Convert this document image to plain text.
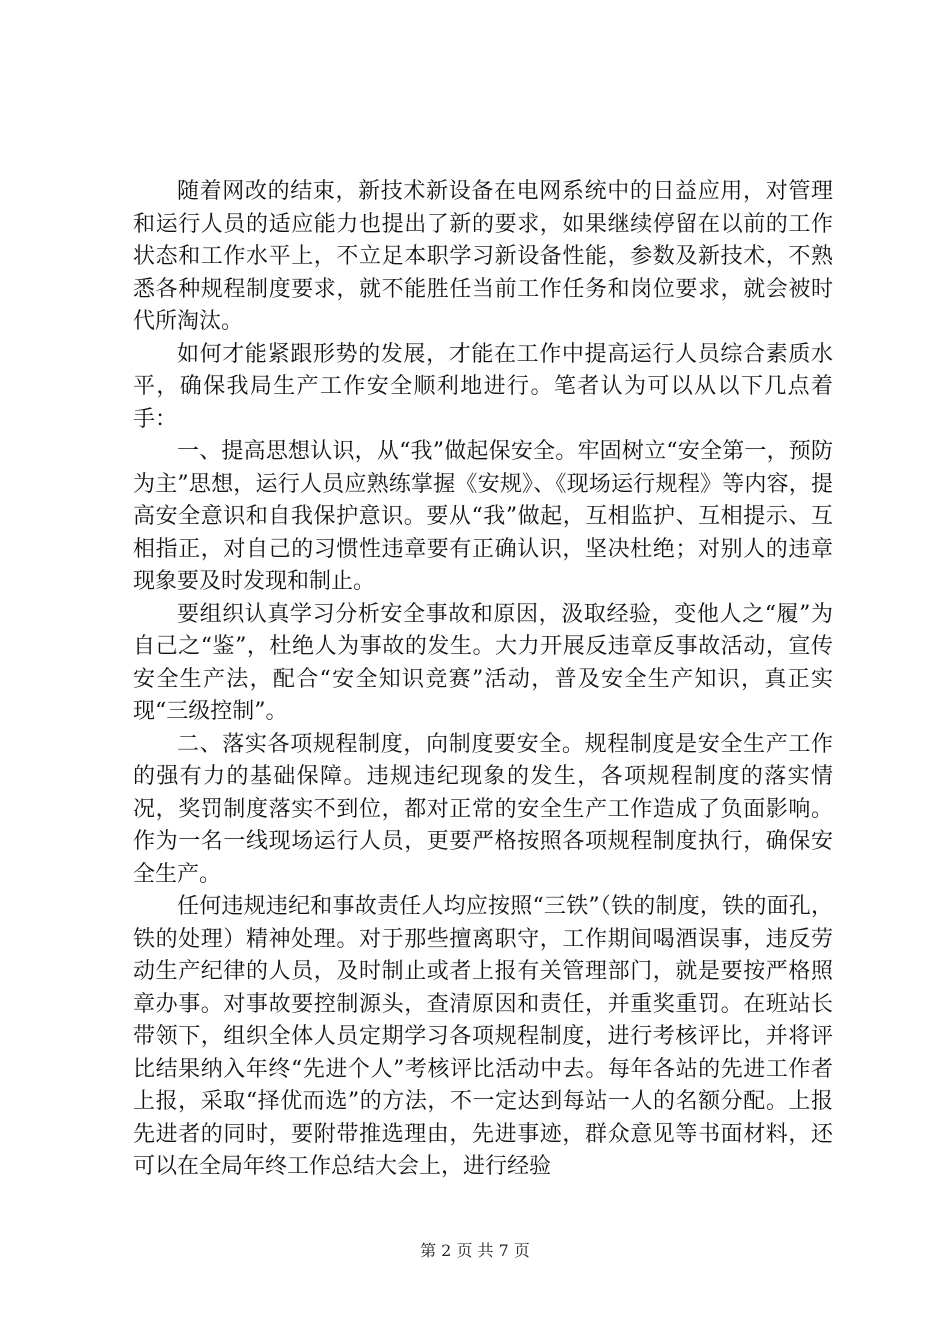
随着网改的结束，新技术新设备在电网系统中的日益应用，对管理和运行人员的适应能力也提出了新的要求，如果继续停留在以前的工作状态和工作水平上，不立足本职学习新设备性能，参数及新技术，不熟悉各种规程制度要求，就不能胜任当前工作任务和岗位要求，就会被时代所淘汰。

如何才能紧跟形势的发展，才能在工作中提高运行人员综合素质水平，确保我局生产工作安全顺利地进行。笔者认为可以从以下几点着手：

一、提高思想认识，从“我”做起保安全。牢固树立“安全第一，预防为主”思想，运行人员应熟练掌握《安规》、《现场运行规程》等内容，提高安全意识和自我保护意识。要从“我”做起，互相监护、互相提示、互相指正，对自己的习惯性违章要有正确认识，坚决杜绝；对别人的违章现象要及时发现和制止。

要组织认真学习分析安全事故和原因，汲取经验，变他人之“履”为自己之“鉴”，杜绝人为事故的发生。大力开展反违章反事故活动，宣传安全生产法，配合“安全知识竞赛”活动，普及安全生产知识，真正实现“三级控制”。

二、落实各项规程制度，向制度要安全。规程制度是安全生产工作的强有力的基础保障。违规违纪现象的发生，各项规程制度的落实情况，奖罚制度落实不到位，都对正常的安全生产工作造成了负面影响。作为一名一线现场运行人员，更要严格按照各项规程制度执行，确保安全生产。

任何违规违纪和事故责任人均应按照“三铁”（铁的制度，铁的面孔，铁的处理）精神处理。对于那些擅离职守，工作期间喝酒误事，违反劳动生产纪律的人员，及时制止或者上报有关管理部门，就是要按严格照章办事。对事故要控制源头，查清原因和责任，并重奖重罚。在班站长带领下，组织全体人员定期学习各项规程制度，进行考核评比，并将评比结果纳入年终“先进个人”考核评比活动中去。每年各站的先进工作者上报，采取“择优而选”的方法，不一定达到每站一人的名额分配。上报先进者的同时，要附带推选理由，先进事迹，群众意见等书面材料，还可以在全局年终工作总结大会上，进行经验

第 2 页 共 7 页
